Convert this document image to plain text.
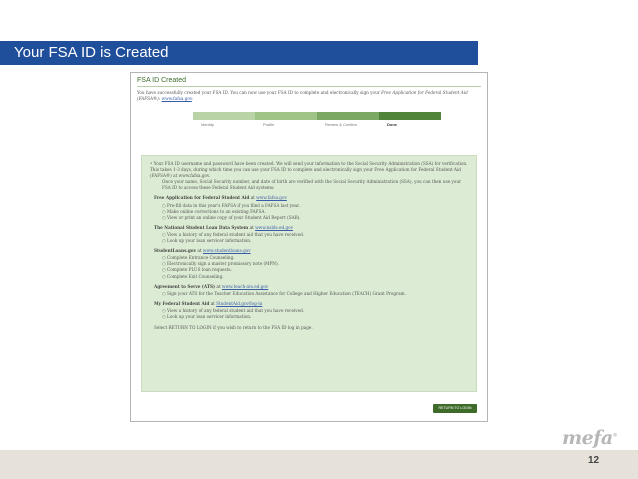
Your FSA ID is Created
FSA ID Created
You have successfully created your FSA ID. You can now use your FSA ID to complete and electronically sign your Free Application for Federal Student Aid (FAFSA®): www.fafsa.gov.
Identity	Profile	Review & Confirm	Done

• Your FSA ID username and password have been created. We will send your information to the Social Security Administration (SSA) for verification. This takes 1-3 days, during which time you can use your FSA ID to complete and electronically sign your Free Application for Federal Student Aid (FAFSA®) at www.fafsa.gov.

Once your name, Social Security number, and date of birth are verified with the Social Security Administration (SSA), you can then use your FSA ID to access these Federal Student Aid systems:

Free Application for Federal Student Aid at www.fafsa.gov

○ Pre-fill data in this year's FAFSA if you filed a FAFSA last year.
○ Make online corrections to an existing FAFSA.
○ View or print an online copy of your Student Aid Report (SAR).

The National Student Loan Data System at www.nslds.ed.gov

○ View a history of any federal student aid that you have received.
○ Look up your loan servicer information.

StudentLoans.gov at www.studentloans.gov

○ Complete Entrance Counseling.
○ Electronically sign a master promissory note (MPN).
○ Complete PLUS loan requests.
○ Complete Exit Counseling.

Agreement to Serve (ATS) at www.teach-ats.ed.gov

○ Sign your ATS for the Teacher Education Assistance for College and Higher Education (TEACH) Grant Program.

My Federal Student Aid at StudentAid.gov/log-in

○ View a history of any federal student aid that you have received.
○ Look up your loan servicer information.

Select RETURN TO LOGIN if you wish to return to the FSA ID log in page.

RETURN TO LOGIN
mefa®
12
